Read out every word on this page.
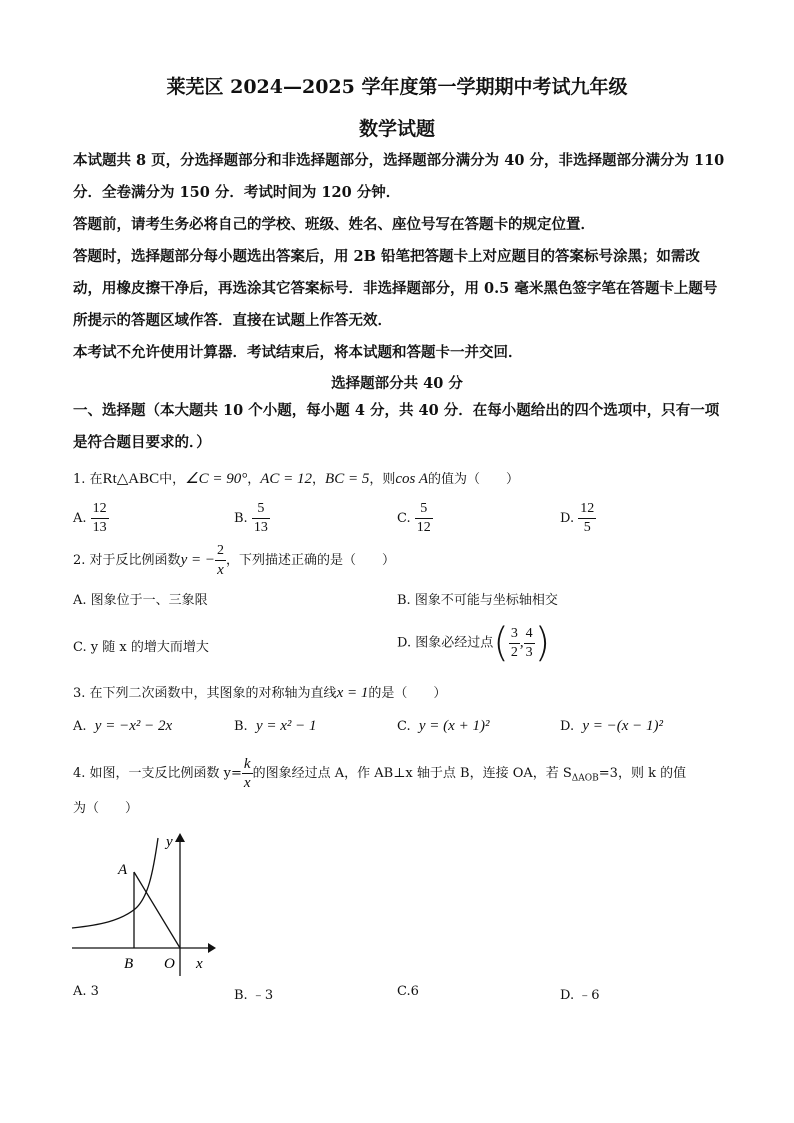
莱芜区 2024—2025 学年度第一学期期中考试九年级
数学试题

本试题共 8 页，分选择题部分和非选择题部分，选择题部分满分为 40 分，非选择题部分满分为 110 分．全卷满分为 150 分．考试时间为 120 分钟．

答题前，请考生务必将自己的学校、班级、姓名、座位号写在答题卡的规定位置．

答题时，选择题部分每小题选出答案后，用 2B 铅笔把答题卡上对应题目的答案标号涂黑；如需改动，用橡皮擦干净后，再选涂其它答案标号．非选择题部分，用 0.5 毫米黑色签字笔在答题卡上题号所提示的答题区域作答．直接在试题上作答无效．

本考试不允许使用计算器．考试结束后，将本试题和答题卡一并交回．

选择题部分共 40 分

一、选择题（本大题共 10 个小题，每小题 4 分，共 40 分．在每小题给出的四个选项中，只有一项是符合题目要求的．）

1. 在Rt△ABC中，∠C = 90°，AC = 12，BC = 5，则cos A的值为（　　）
A. $\frac{12}{13}$	B. $\frac{5}{13}$	C. $\frac{5}{12}$	D. $\frac{12}{5}$
2. 对于反比例函数y = − $\frac{2}{x}$ ，下列描述正确的是（　　）
A. 图象位于一、三象限	B. 图象不可能与坐标轴相交
C. y 随 x 的增大而增大	D. 图象必经过点( $\frac{3}{2}$ , $\frac{4}{3}$ )
3. 在下列二次函数中，其图象的对称轴为直线x = 1的是（　　）
A. y = −x² − 2x	B. y = x² − 1	C. y = (x + 1)²	D. y = −(x − 1)²
4. 如图，一支反比例函数 $y= \frac{k}{x}$ 的图象经过点 A，作 AB⊥x 轴于点 B，连接 OA，若 $S_{\Delta AOB}=3$，则 k 的值
为（　　）
y
A
B O x
A. 3	B. ﹣3	C.6	D. ﹣6
